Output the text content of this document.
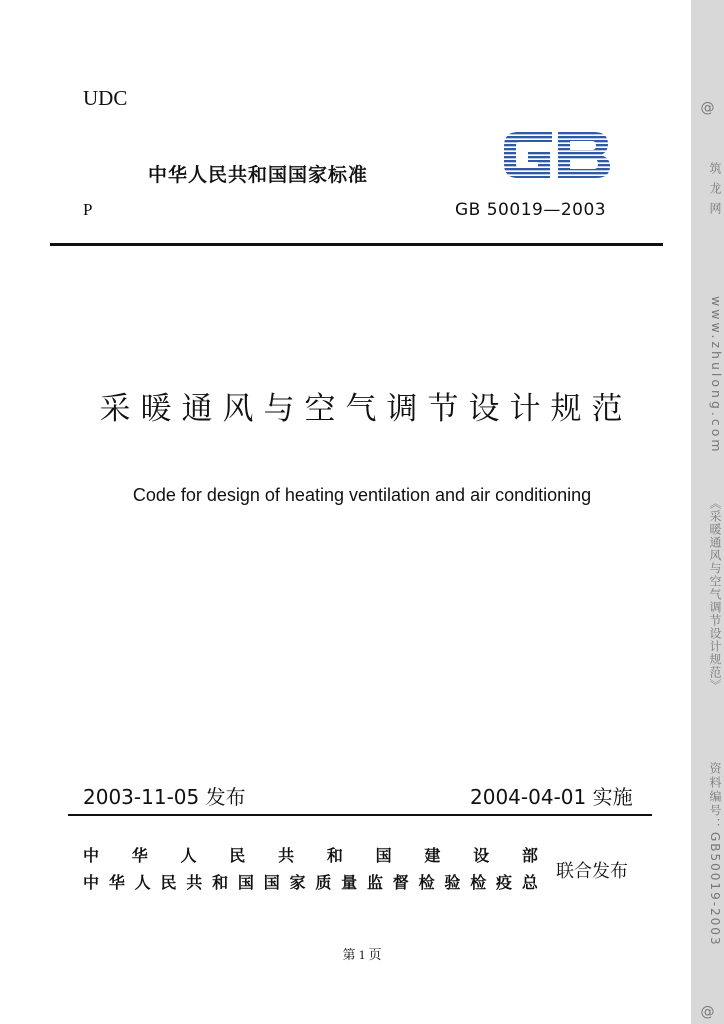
UDC
中华人民共和国国家标准
P	GB 50019—2003
采暖通风与空气调节设计规范
Code for design of heating ventilation and air conditioning
2003-11-05 发布	2004-04-01 实施
中 华 人 民 共 和 国 建 设 部
中 华 人 民 共 和 国 国 家 质 量 监 督 检 验 检 疫 总
联合发布
第 1 页
@
筑龙网
www.zhulong.com
《采暖通风与空气调节设计规范》
资料编号：GB50019-2003
@
